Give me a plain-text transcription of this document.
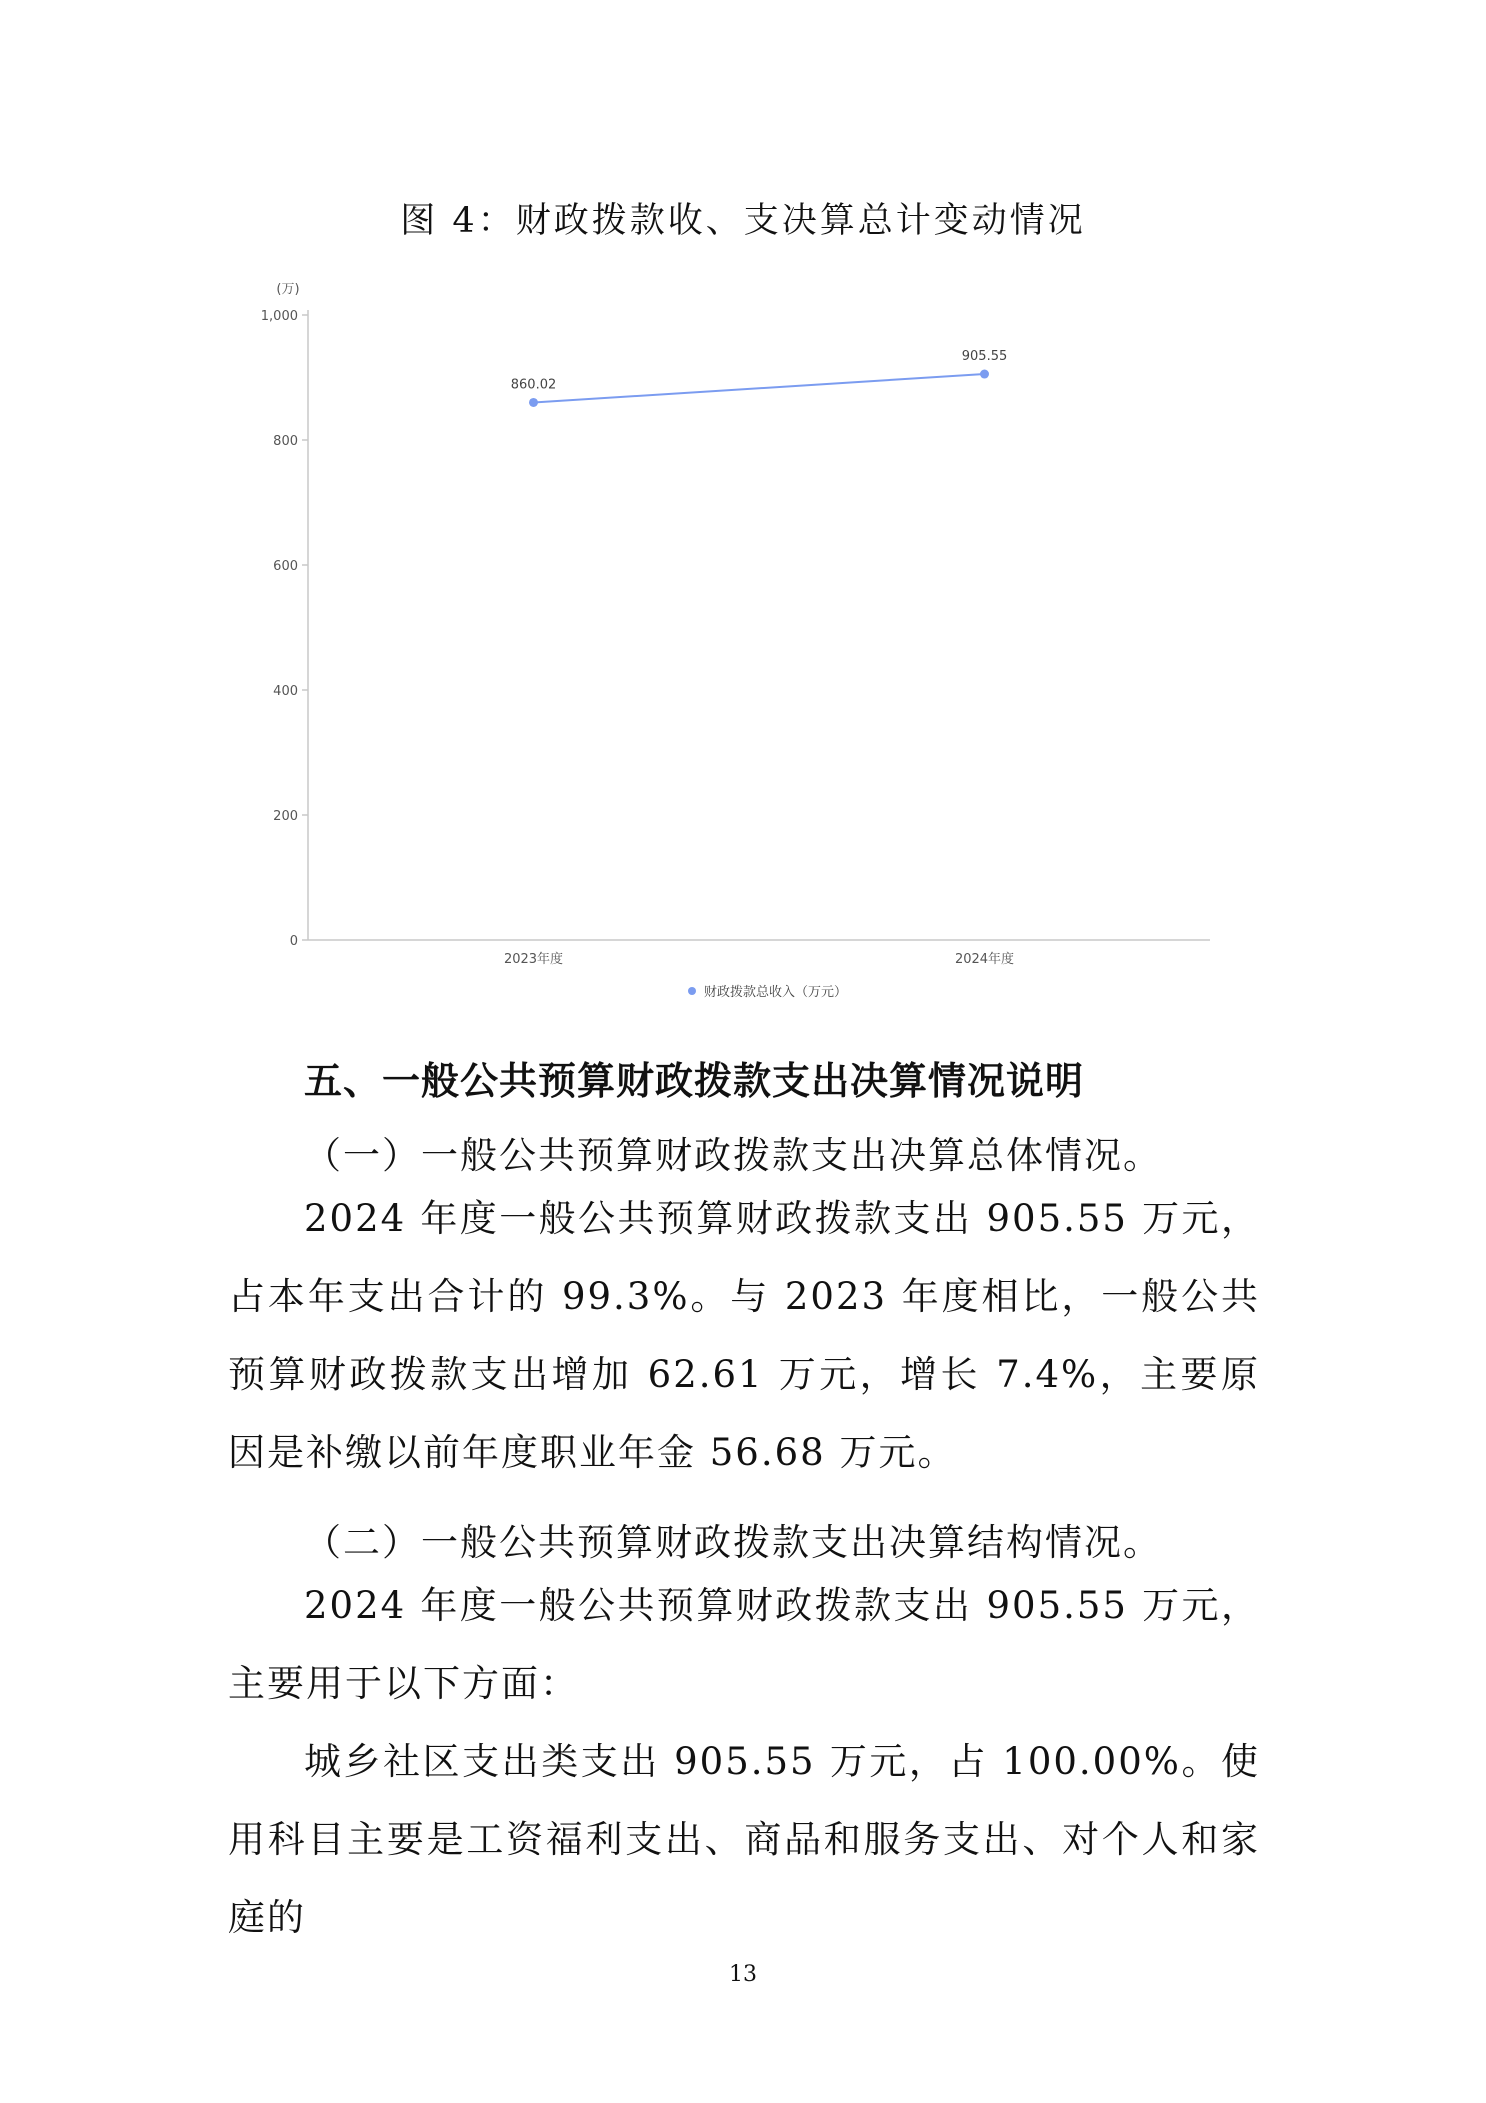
图 4：财政拨款收、支决算总计变动情况
(万)
0
200
400
600
800
1,000
2023年度	2024年度
860.02
905.55
财政拨款总收入（万元）
五、一般公共预算财政拨款支出决算情况说明
（一）一般公共预算财政拨款支出决算总体情况。

2024 年度一般公共预算财政拨款支出 905.55 万元，占本年支出合计的 99.3%。与 2023 年度相比，一般公共预算财政拨款支出增加 62.61 万元，增长 7.4%，主要原因是补缴以前年度职业年金 56.68 万元。

（二）一般公共预算财政拨款支出决算结构情况。

2024 年度一般公共预算财政拨款支出 905.55 万元，主要用于以下方面：

城乡社区支出类支出 905.55 万元，占 100.00%。使用科目主要是工资福利支出、商品和服务支出、对个人和家庭的

13
